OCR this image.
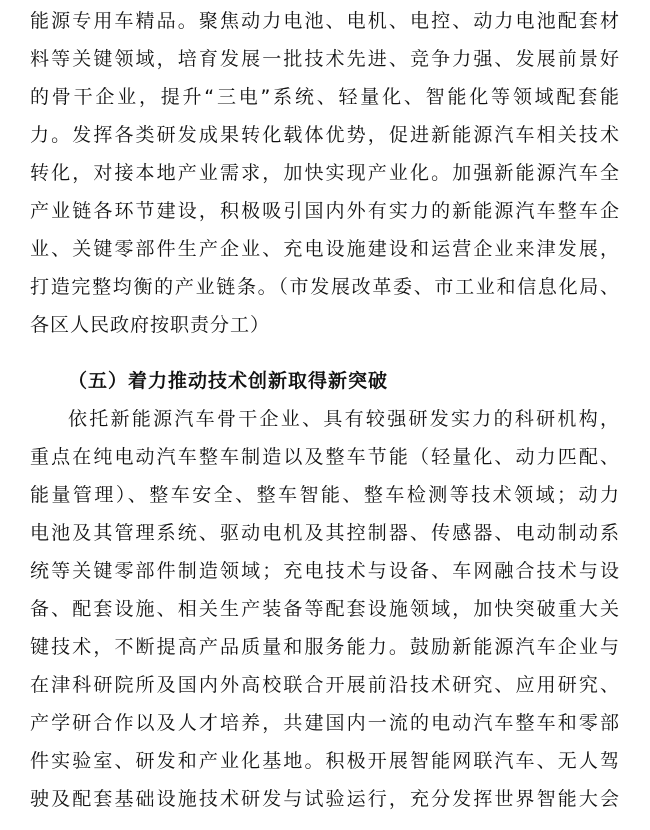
能源专用车精品。聚焦动力电池、电机、电控、动力电池配套材
料等关键领域，培育发展一批技术先进、竞争力强、发展前景好
的骨干企业，提升“三电”系统、轻量化、智能化等领域配套能
力。发挥各类研发成果转化载体优势，促进新能源汽车相关技术
转化，对接本地产业需求，加快实现产业化。加强新能源汽车全
产业链各环节建设，积极吸引国内外有实力的新能源汽车整车企
业、关键零部件生产企业、充电设施建设和运营企业来津发展，
打造完整均衡的产业链条。（市发展改革委、市工业和信息化局、
各区人民政府按职责分工）
（五）着力推动技术创新取得新突破
依托新能源汽车骨干企业、具有较强研发实力的科研机构，
重点在纯电动汽车整车制造以及整车节能（轻量化、动力匹配、
能量管理）、整车安全、整车智能、整车检测等技术领域；动力
电池及其管理系统、驱动电机及其控制器、传感器、电动制动系
统等关键零部件制造领域；充电技术与设备、车网融合技术与设
备、配套设施、相关生产装备等配套设施领域，加快突破重大关
键技术，不断提高产品质量和服务能力。鼓励新能源汽车企业与
在津科研院所及国内外高校联合开展前沿技术研究、应用研究、
产学研合作以及人才培养，共建国内一流的电动汽车整车和零部
件实验室、研发和产业化基地。积极开展智能网联汽车、无人驾
驶及配套基础设施技术研发与试验运行，充分发挥世界智能大会
